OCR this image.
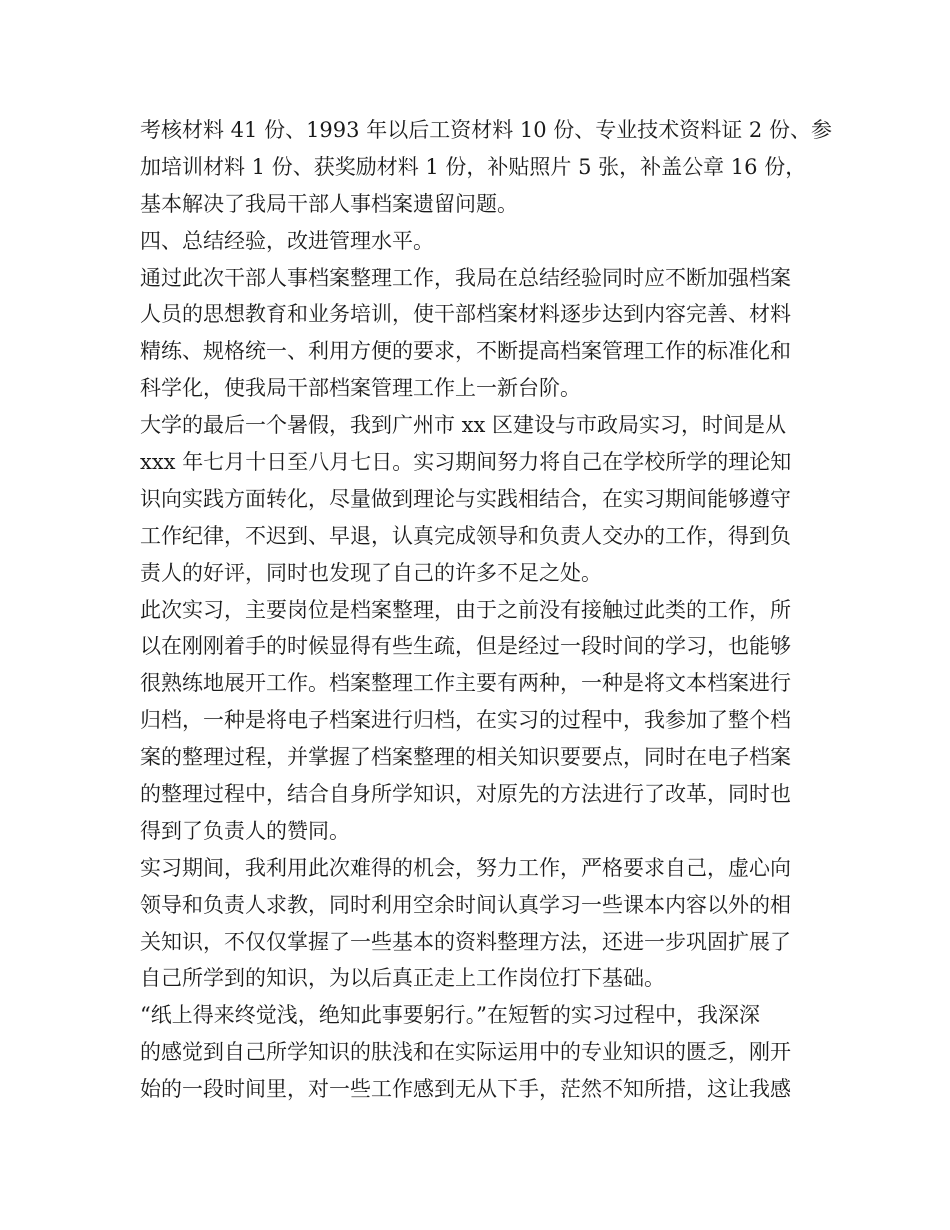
考核材料 41 份、1993 年以后工资材料 10 份、专业技术资料证 2 份、参
加培训材料 1 份、获奖励材料 1 份，补贴照片 5 张，补盖公章 16 份，
基本解决了我局干部人事档案遗留问题。
四、总结经验，改进管理水平。
通过此次干部人事档案整理工作，我局在总结经验同时应不断加强档案
人员的思想教育和业务培训，使干部档案材料逐步达到内容完善、材料
精练、规格统一、利用方便的要求，不断提高档案管理工作的标准化和
科学化，使我局干部档案管理工作上一新台阶。
大学的最后一个暑假，我到广州市 xx 区建设与市政局实习，时间是从
xxx 年七月十日至八月七日。实习期间努力将自己在学校所学的理论知
识向实践方面转化，尽量做到理论与实践相结合，在实习期间能够遵守
工作纪律，不迟到、早退，认真完成领导和负责人交办的工作，得到负
责人的好评，同时也发现了自己的许多不足之处。
此次实习，主要岗位是档案整理，由于之前没有接触过此类的工作，所
以在刚刚着手的时候显得有些生疏，但是经过一段时间的学习，也能够
很熟练地展开工作。档案整理工作主要有两种，一种是将文本档案进行
归档，一种是将电子档案进行归档，在实习的过程中，我参加了整个档
案的整理过程，并掌握了档案整理的相关知识要要点，同时在电子档案
的整理过程中，结合自身所学知识，对原先的方法进行了改革，同时也
得到了负责人的赞同。
实习期间，我利用此次难得的机会，努力工作，严格要求自己，虚心向
领导和负责人求教，同时利用空余时间认真学习一些课本内容以外的相
关知识，不仅仅掌握了一些基本的资料整理方法，还进一步巩固扩展了
自己所学到的知识，为以后真正走上工作岗位打下基础。
“纸上得来终觉浅，绝知此事要躬行。”在短暂的实习过程中，我深深
的感觉到自己所学知识的肤浅和在实际运用中的专业知识的匮乏，刚开
始的一段时间里，对一些工作感到无从下手，茫然不知所措，这让我感
